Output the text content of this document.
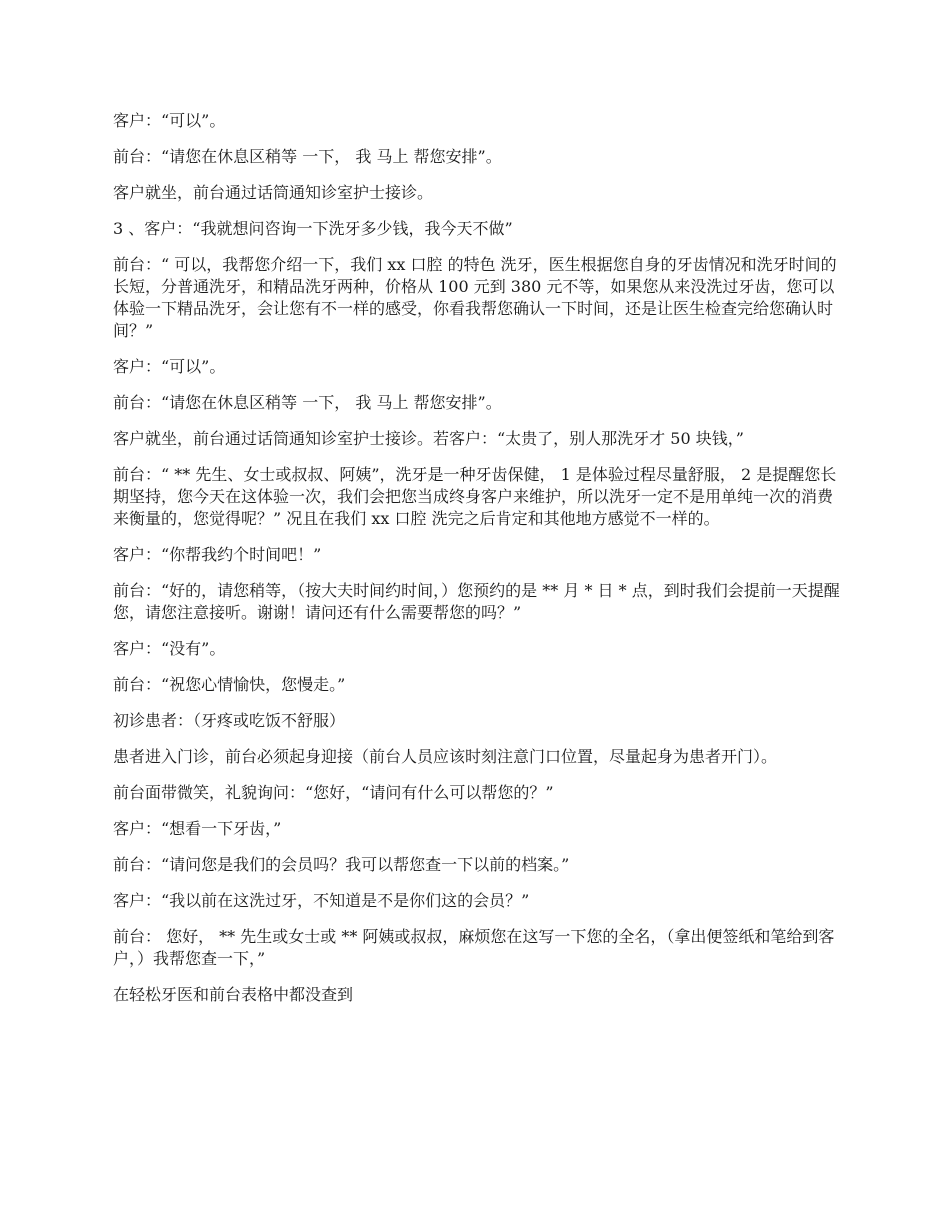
客户：“可以”。

前台：“请您在休息区稍等 一下， 我 马上 帮您安排”。

客户就坐，前台通过话筒通知诊室护士接诊。

3 、客户：“我就想问咨询一下洗牙多少钱，我今天不做”

前台：“ 可以，我帮您介绍一下，我们 xx 口腔 的特色 洗牙，医生根据您自身的牙齿情况和洗牙时间的长短，分普通洗牙，和精品洗牙两种，价格从 100 元到 380 元不等，如果您从来没洗过牙齿，您可以体验一下精品洗牙，会让您有不一样的感受，你看我帮您确认一下时间，还是让医生检查完给您确认时间？”

客户：“可以”。

前台：“请您在休息区稍等 一下， 我 马上 帮您安排”。

客户就坐，前台通过话筒通知诊室护士接诊。若客户：“太贵了，别人那洗牙才 50 块钱，”

前台：“ ** 先生、女士或叔叔、阿姨”，洗牙是一种牙齿保健， 1 是体验过程尽量舒服， 2 是提醒您长期坚持，您今天在这体验一次，我们会把您当成终身客户来维护，所以洗牙一定不是用单纯一次的消费来衡量的，您觉得呢？” 况且在我们 xx 口腔 洗完之后肯定和其他地方感觉不一样的。

客户：“你帮我约个时间吧！”

前台：“好的，请您稍等，（按大夫时间约时间，）您预约的是 ** 月 * 日 * 点，到时我们会提前一天提醒您，请您注意接听。谢谢！请问还有什么需要帮您的吗？”

客户：“没有”。

前台：“祝您心情愉快，您慢走。”

初诊患者：（牙疼或吃饭不舒服）

患者进入门诊，前台必须起身迎接（前台人员应该时刻注意门口位置，尽量起身为患者开门）。

前台面带微笑，礼貌询问：“您好，“请问有什么可以帮您的？”

客户：“想看一下牙齿，”

前台：“请问您是我们的会员吗？我可以帮您查一下以前的档案。”

客户：“我以前在这洗过牙，不知道是不是你们这的会员？”

前台： 您好， ** 先生或女士或 ** 阿姨或叔叔，麻烦您在这写一下您的全名，（拿出便签纸和笔给到客户，）我帮您查一下，”

在轻松牙医和前台表格中都没查到
